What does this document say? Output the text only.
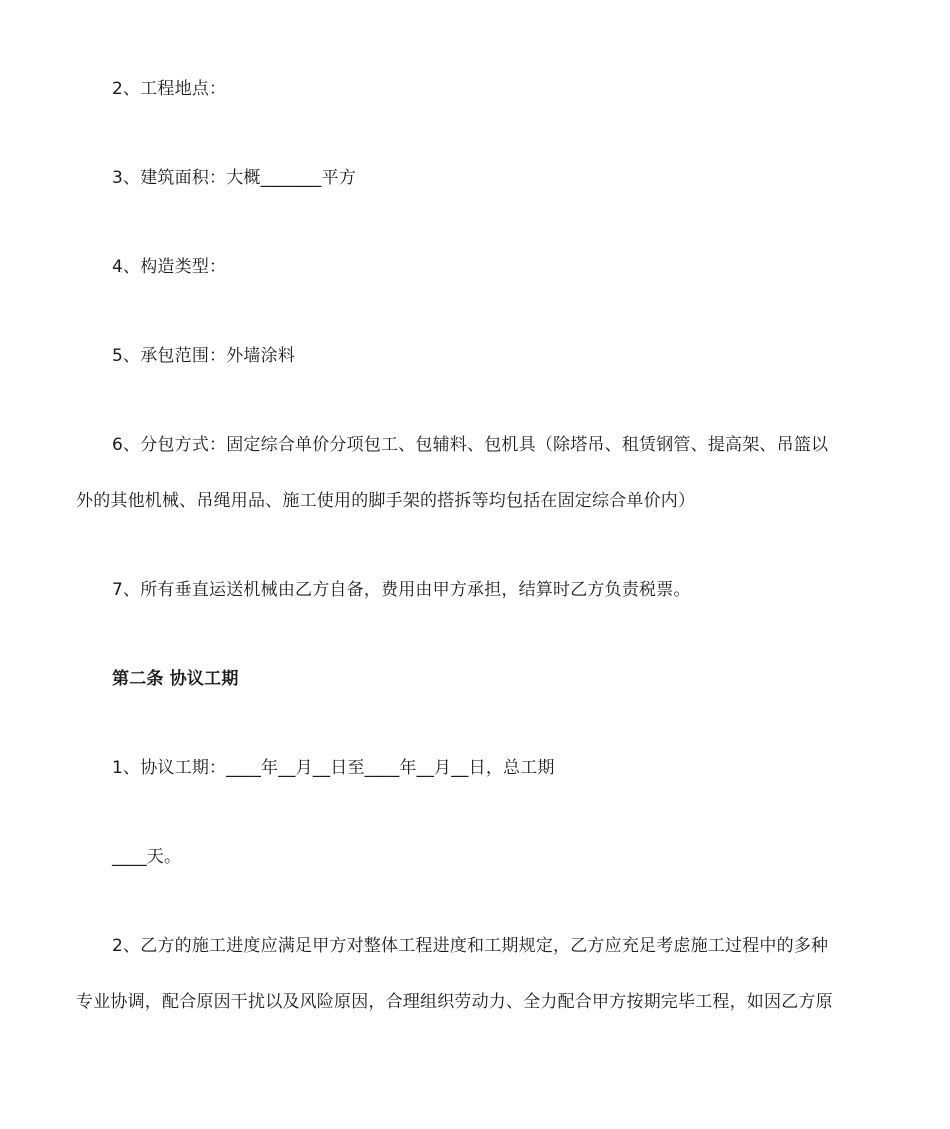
2、工程地点：
3、建筑面积：大概_______平方
4、构造类型：
5、承包范围：外墙涂料
6、分包方式：固定综合单价分项包工、包辅料、包机具（除塔吊、租赁钢管、提高架、吊篮以
外的其他机械、吊绳用品、施工使用的脚手架的搭拆等均包括在固定综合单价内）
7、所有垂直运送机械由乙方自备，费用由甲方承担，结算时乙方负责税票。
第二条 协议工期
1、协议工期：____年__月__日至____年__月__日，总工期
____天。
2、乙方的施工进度应满足甲方对整体工程进度和工期规定，乙方应充足考虑施工过程中的多种
专业协调，配合原因干扰以及风险原因，合理组织劳动力、全力配合甲方按期完毕工程，如因乙方原
